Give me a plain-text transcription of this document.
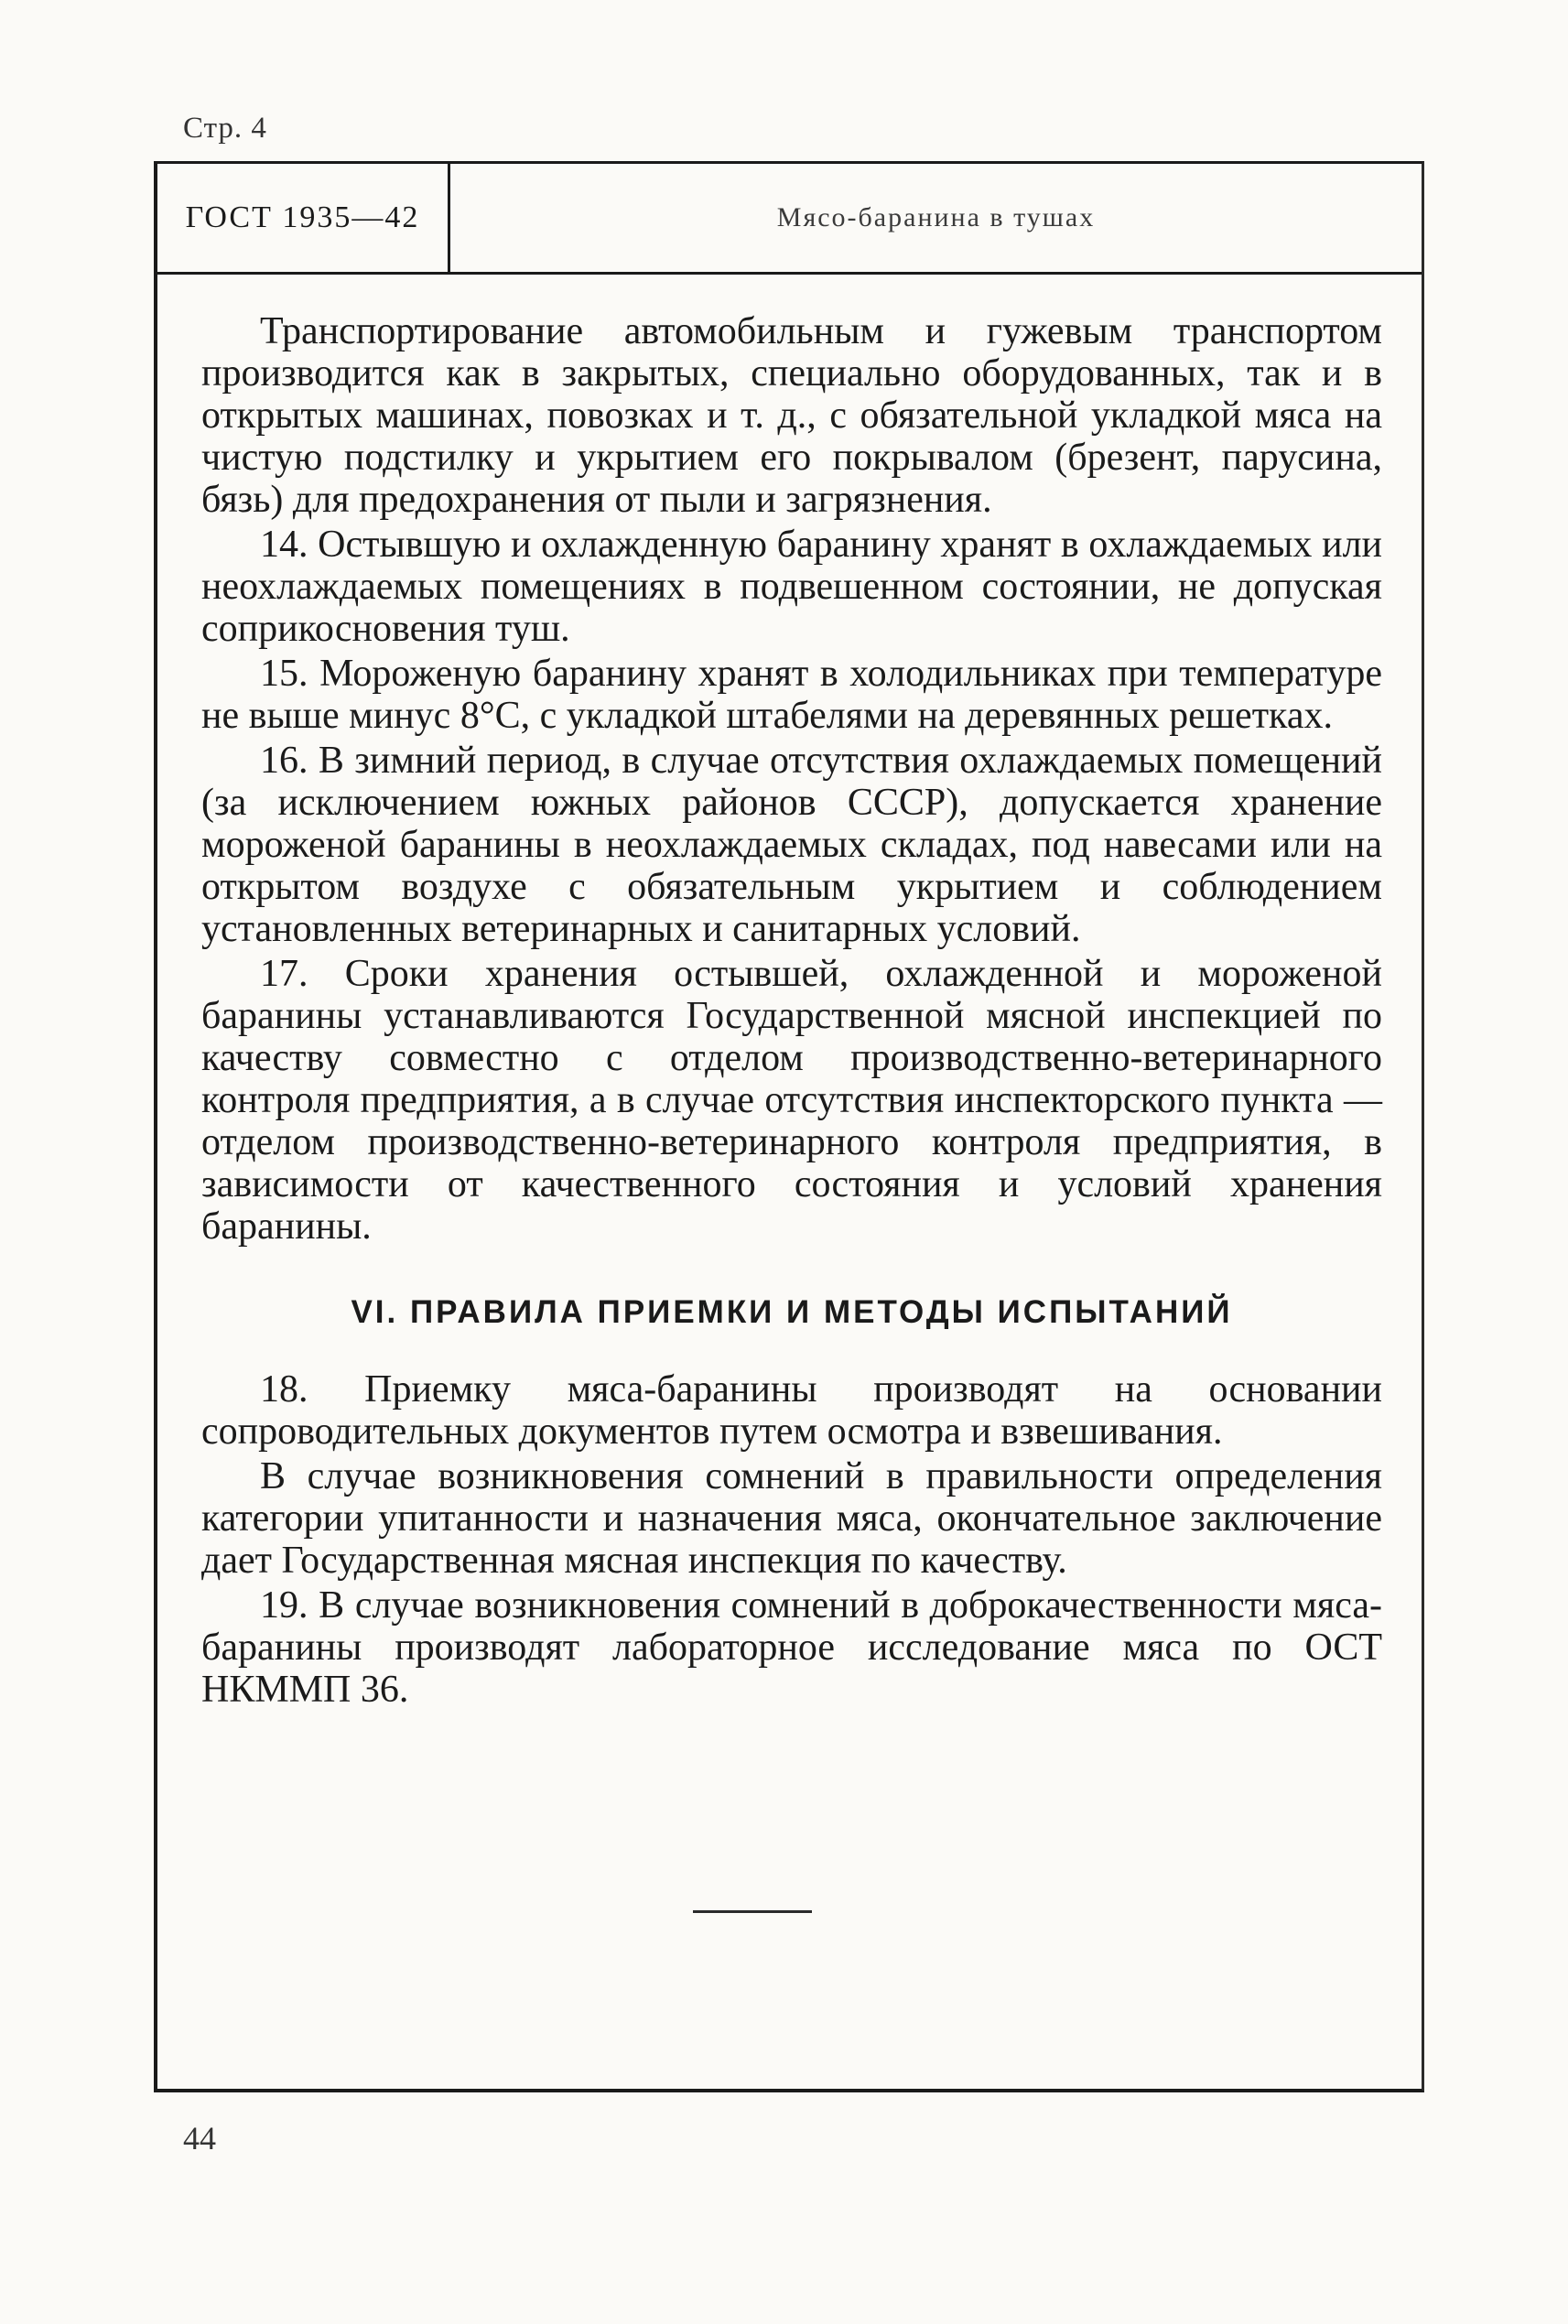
Стр. 4
ГОСТ 1935—42	Мясо-баранина в тушах

Транспортирование автомобильным и гужевым транспортом производится как в закрытых, специально оборудованных, так и в открытых машинах, повозках и т. д., с обязательной укладкой мяса на чистую подстилку и укрытием его покрывалом (брезент, парусина, бязь) для предохранения от пыли и загрязнения.

14. Остывшую и охлажденную баранину хранят в охлаждаемых или неохлаждаемых помещениях в подвешенном состоянии, не допуская соприкосновения туш.

15. Мороженую баранину хранят в холодильниках при температуре не выше минус 8°С, с укладкой штабелями на деревянных решетках.

16. В зимний период, в случае отсутствия охлаждаемых помещений (за исключением южных районов СССР), допускается хранение мороженой баранины в неохлаждаемых складах, под навесами или на открытом воздухе с обязательным укрытием и соблюдением установленных ветеринарных и санитарных условий.

17. Сроки хранения остывшей, охлажденной и мороженой баранины устанавливаются Государственной мясной инспекцией по качеству совместно с отделом производственно-ветеринарного контроля предприятия, а в случае отсутствия инспекторского пункта — отделом производственно-ветеринарного контроля предприятия, в зависимости от качественного состояния и условий хранения баранины.

VI. ПРАВИЛА ПРИЕМКИ И МЕТОДЫ ИСПЫТАНИЙ

18. Приемку мяса-баранины производят на основании сопроводительных документов путем осмотра и взвешивания.

В случае возникновения сомнений в правильности определения категории упитанности и назначения мяса, окончательное заключение дает Государственная мясная инспекция по качеству.

19. В случае возникновения сомнений в доброкачественности мяса-баранины производят лабораторное исследование мяса по ОСТ НКММП 36.

44
